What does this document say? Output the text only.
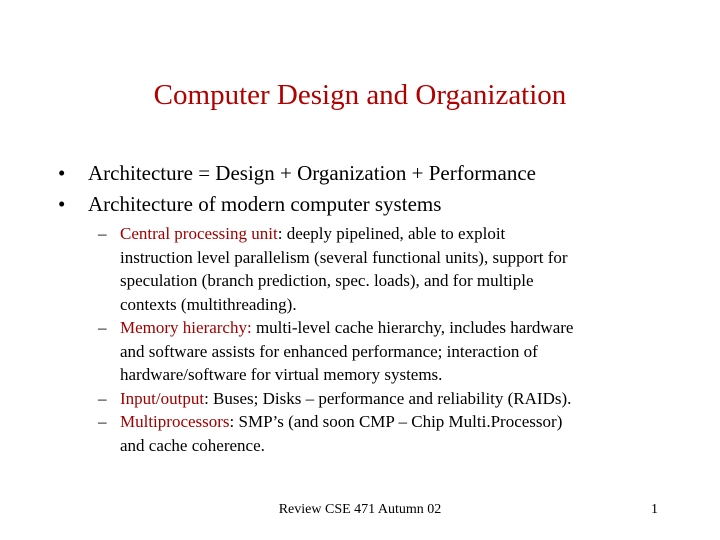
Computer Design and Organization
• Architecture = Design + Organization + Performance
• Architecture of modern computer systems
– Central processing unit: deeply pipelined, able to exploit
instruction level parallelism (several functional units), support for
speculation (branch prediction, spec. loads), and for multiple
contexts (multithreading).
– Memory hierarchy: multi-level cache hierarchy, includes hardware
and software assists for enhanced performance; interaction of
hardware/software for virtual memory systems.
– Input/output: Buses; Disks – performance and reliability (RAIDs).
– Multiprocessors: SMP’s (and soon CMP – Chip Multi.Processor)
and cache coherence.
Review CSE 471 Autumn 02	1
